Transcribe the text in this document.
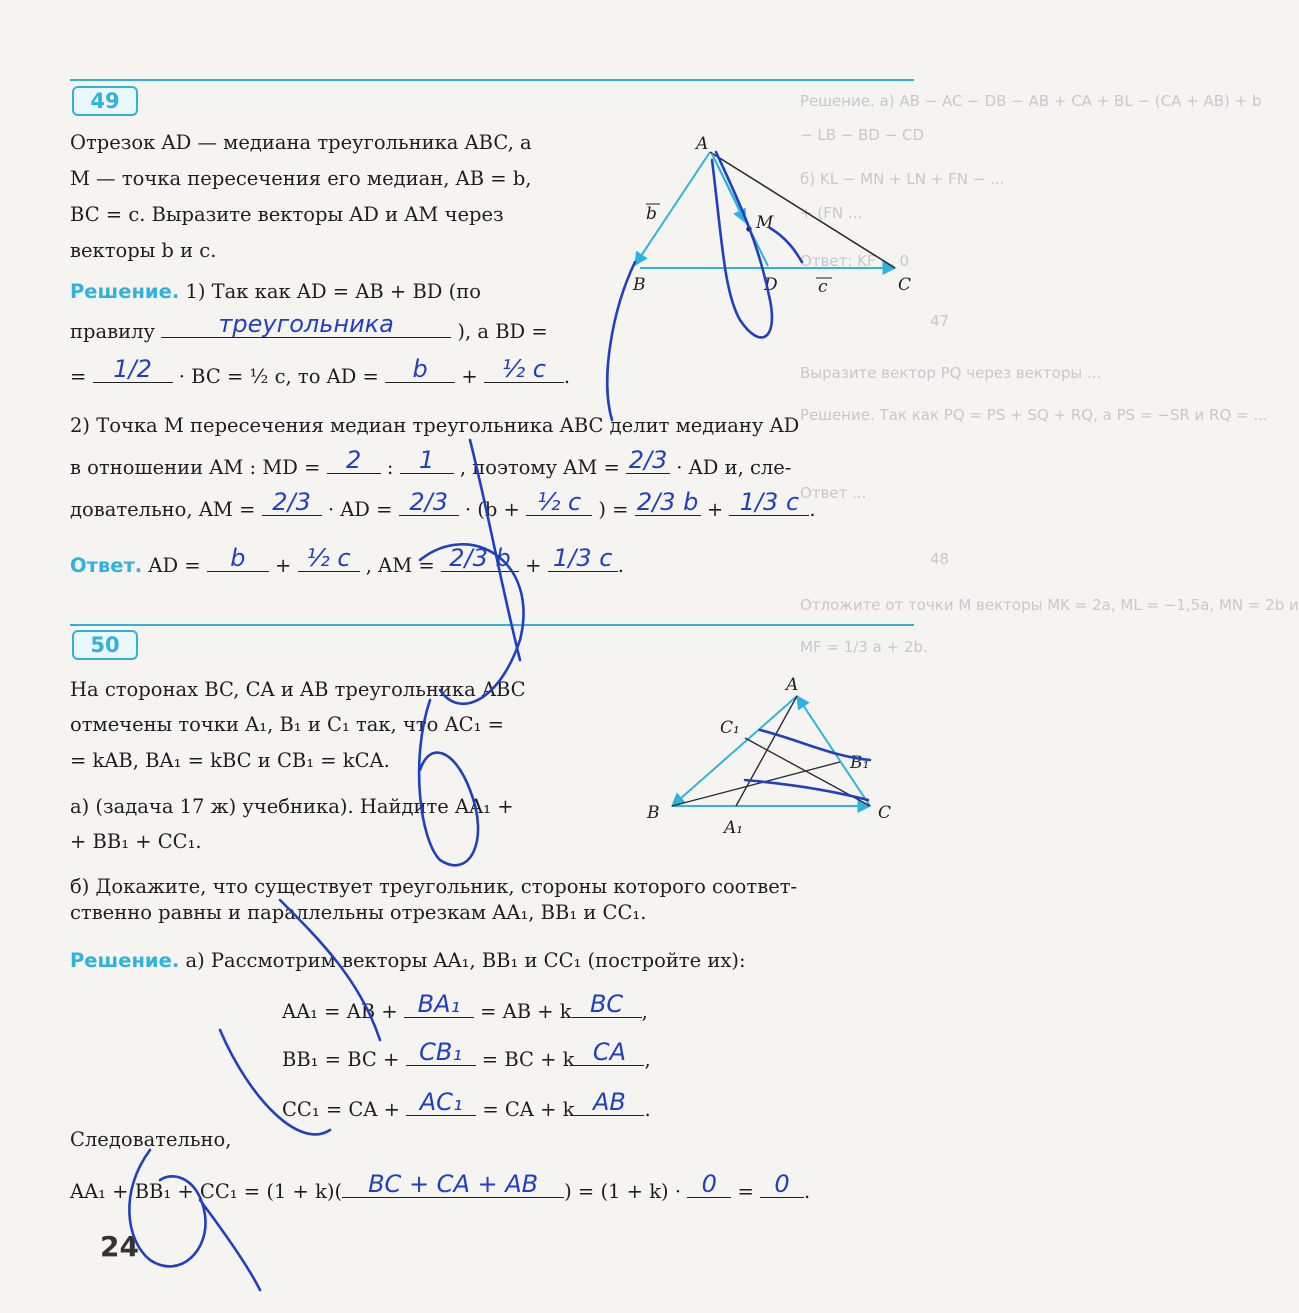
Решение. а) AB − AC − DB − AB + CA + BL − (CA + AB) + b
− LB − BD − CD
б) KL − MN + LN + FN − ...
+ (FN ...
Ответ: KF ... 0
47
Выразите вектор PQ через векторы ...
Решение. Так как PQ = PS + SQ + RQ, а PS = −SR и RQ = ...
Ответ ...
48
Отложите от точки M векторы MK = 2a, ML = −1,5a, MN = 2b и
MF = 1/3 a + 2b.
49
Отрезок AD — медиана треугольника ABC, а
M — точка пересечения его медиан, AB = b,
BC = c. Выразите векторы AD и AM через
векторы b и c.
Решение. 1) Так как AD = AB + BD (по
правилу	треугольника	), а BD =
=	1/2	· BC = ½ c, то AD =	b	+	½ c .
2) Точка M пересечения медиан треугольника ABC делит медиану AD
в отношении AM : MD =	2	:	1	, поэтому AM = 2/3 · AD и, сле-
довательно, AM = 2/3 · AD = 2/3 · (b + ½ c ) = 2/3 b + 1/3 c .
Ответ. AD =	b	+ ½ c , AM = 2/3 b + 1/3 c .
50
На сторонах BC, CA и AB треугольника ABC
отмечены точки A₁, B₁ и C₁ так, что AC₁ =
= kAB, BA₁ = kBC и CB₁ = kCA.
а) (задача 17 ж) учебника). Найдите AA₁ +
+ BB₁ + CC₁.
б) Докажите, что существует треугольник, стороны которого соответ-
ственно равны и параллельны отрезкам AA₁, BB₁ и CC₁.
Решение. а) Рассмотрим векторы AA₁, BB₁ и CC₁ (постройте их):
AA₁ = AB + BA₁	= AB + k BC ,
BB₁ = BC + CB₁	= BC + k CA ,
CC₁ = CA + AC₁	= CA + k AB .
Следовательно,
AA₁ + BB₁ + CC₁ = (1 + k)(	BC + CA + AB	) = (1 + k) · 0	= 0 .
24
A
B	C
D
M
b
c
A
B	C
C₁
B₁
A₁
